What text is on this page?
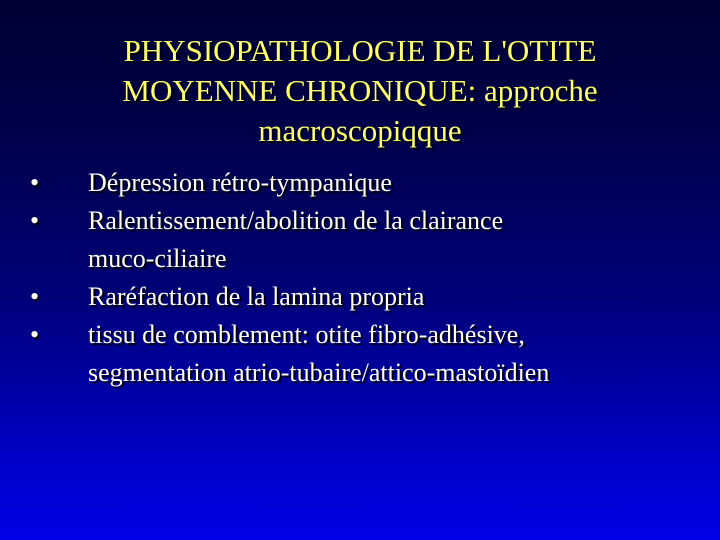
PHYSIOPATHOLOGIE DE L'OTITE
MOYENNE CHRONIQUE: approche
macroscopiqque
•	Dépression rétro-tympanique
•	Ralentissement/abolition de la clairance
muco-ciliaire
•	Raréfaction de la lamina propria
•	tissu de comblement: otite fibro-adhésive,
segmentation atrio-tubaire/attico-mastoïdien
